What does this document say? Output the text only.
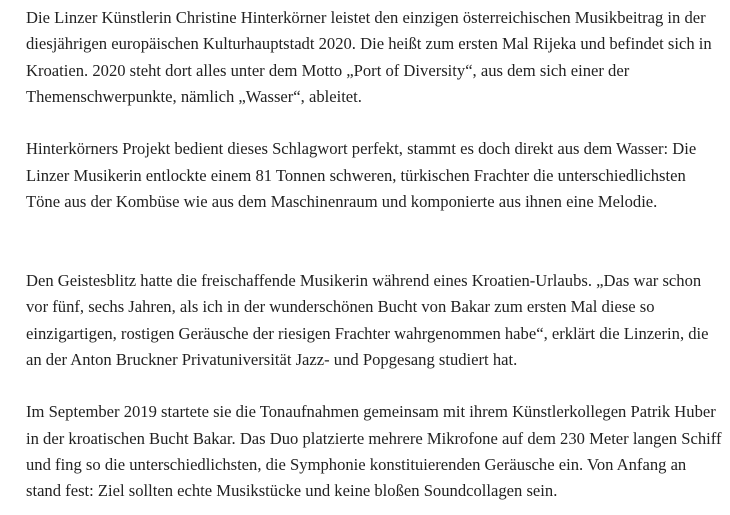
Die Linzer Künstlerin Christine Hinterkörner leistet den einzigen österreichischen Musikbeitrag in der
diesjährigen europäischen Kulturhauptstadt 2020. Die heißt zum ersten Mal Rijeka und befindet sich in
Kroatien. 2020 steht dort alles unter dem Motto „Port of Diversity“, aus dem sich einer der
Themenschwerpunkte, nämlich „Wasser“, ableitet.

Hinterkörners Projekt bedient dieses Schlagwort perfekt, stammt es doch direkt aus dem Wasser: Die
Linzer Musikerin entlockte einem 81 Tonnen schweren, türkischen Frachter die unterschiedlichsten
Töne aus der Kombüse wie aus dem Maschinenraum und komponierte aus ihnen eine Melodie.

Den Geistesblitz hatte die freischaffende Musikerin während eines Kroatien-Urlaubs. „Das war schon
vor fünf, sechs Jahren, als ich in der wunderschönen Bucht von Bakar zum ersten Mal diese so
einzigartigen, rostigen Geräusche der riesigen Frachter wahrgenommen habe“, erklärt die Linzerin, die
an der Anton Bruckner Privatuniversität Jazz- und Popgesang studiert hat.

Im September 2019 startete sie die Tonaufnahmen gemeinsam mit ihrem Künstlerkollegen Patrik Huber
in der kroatischen Bucht Bakar. Das Duo platzierte mehrere Mikrofone auf dem 230 Meter langen Schiff
und fing so die unterschiedlichsten, die Symphonie konstituierenden Geräusche ein. Von Anfang an
stand fest: Ziel sollten echte Musikstücke und keine bloßen Soundcollagen sein.
